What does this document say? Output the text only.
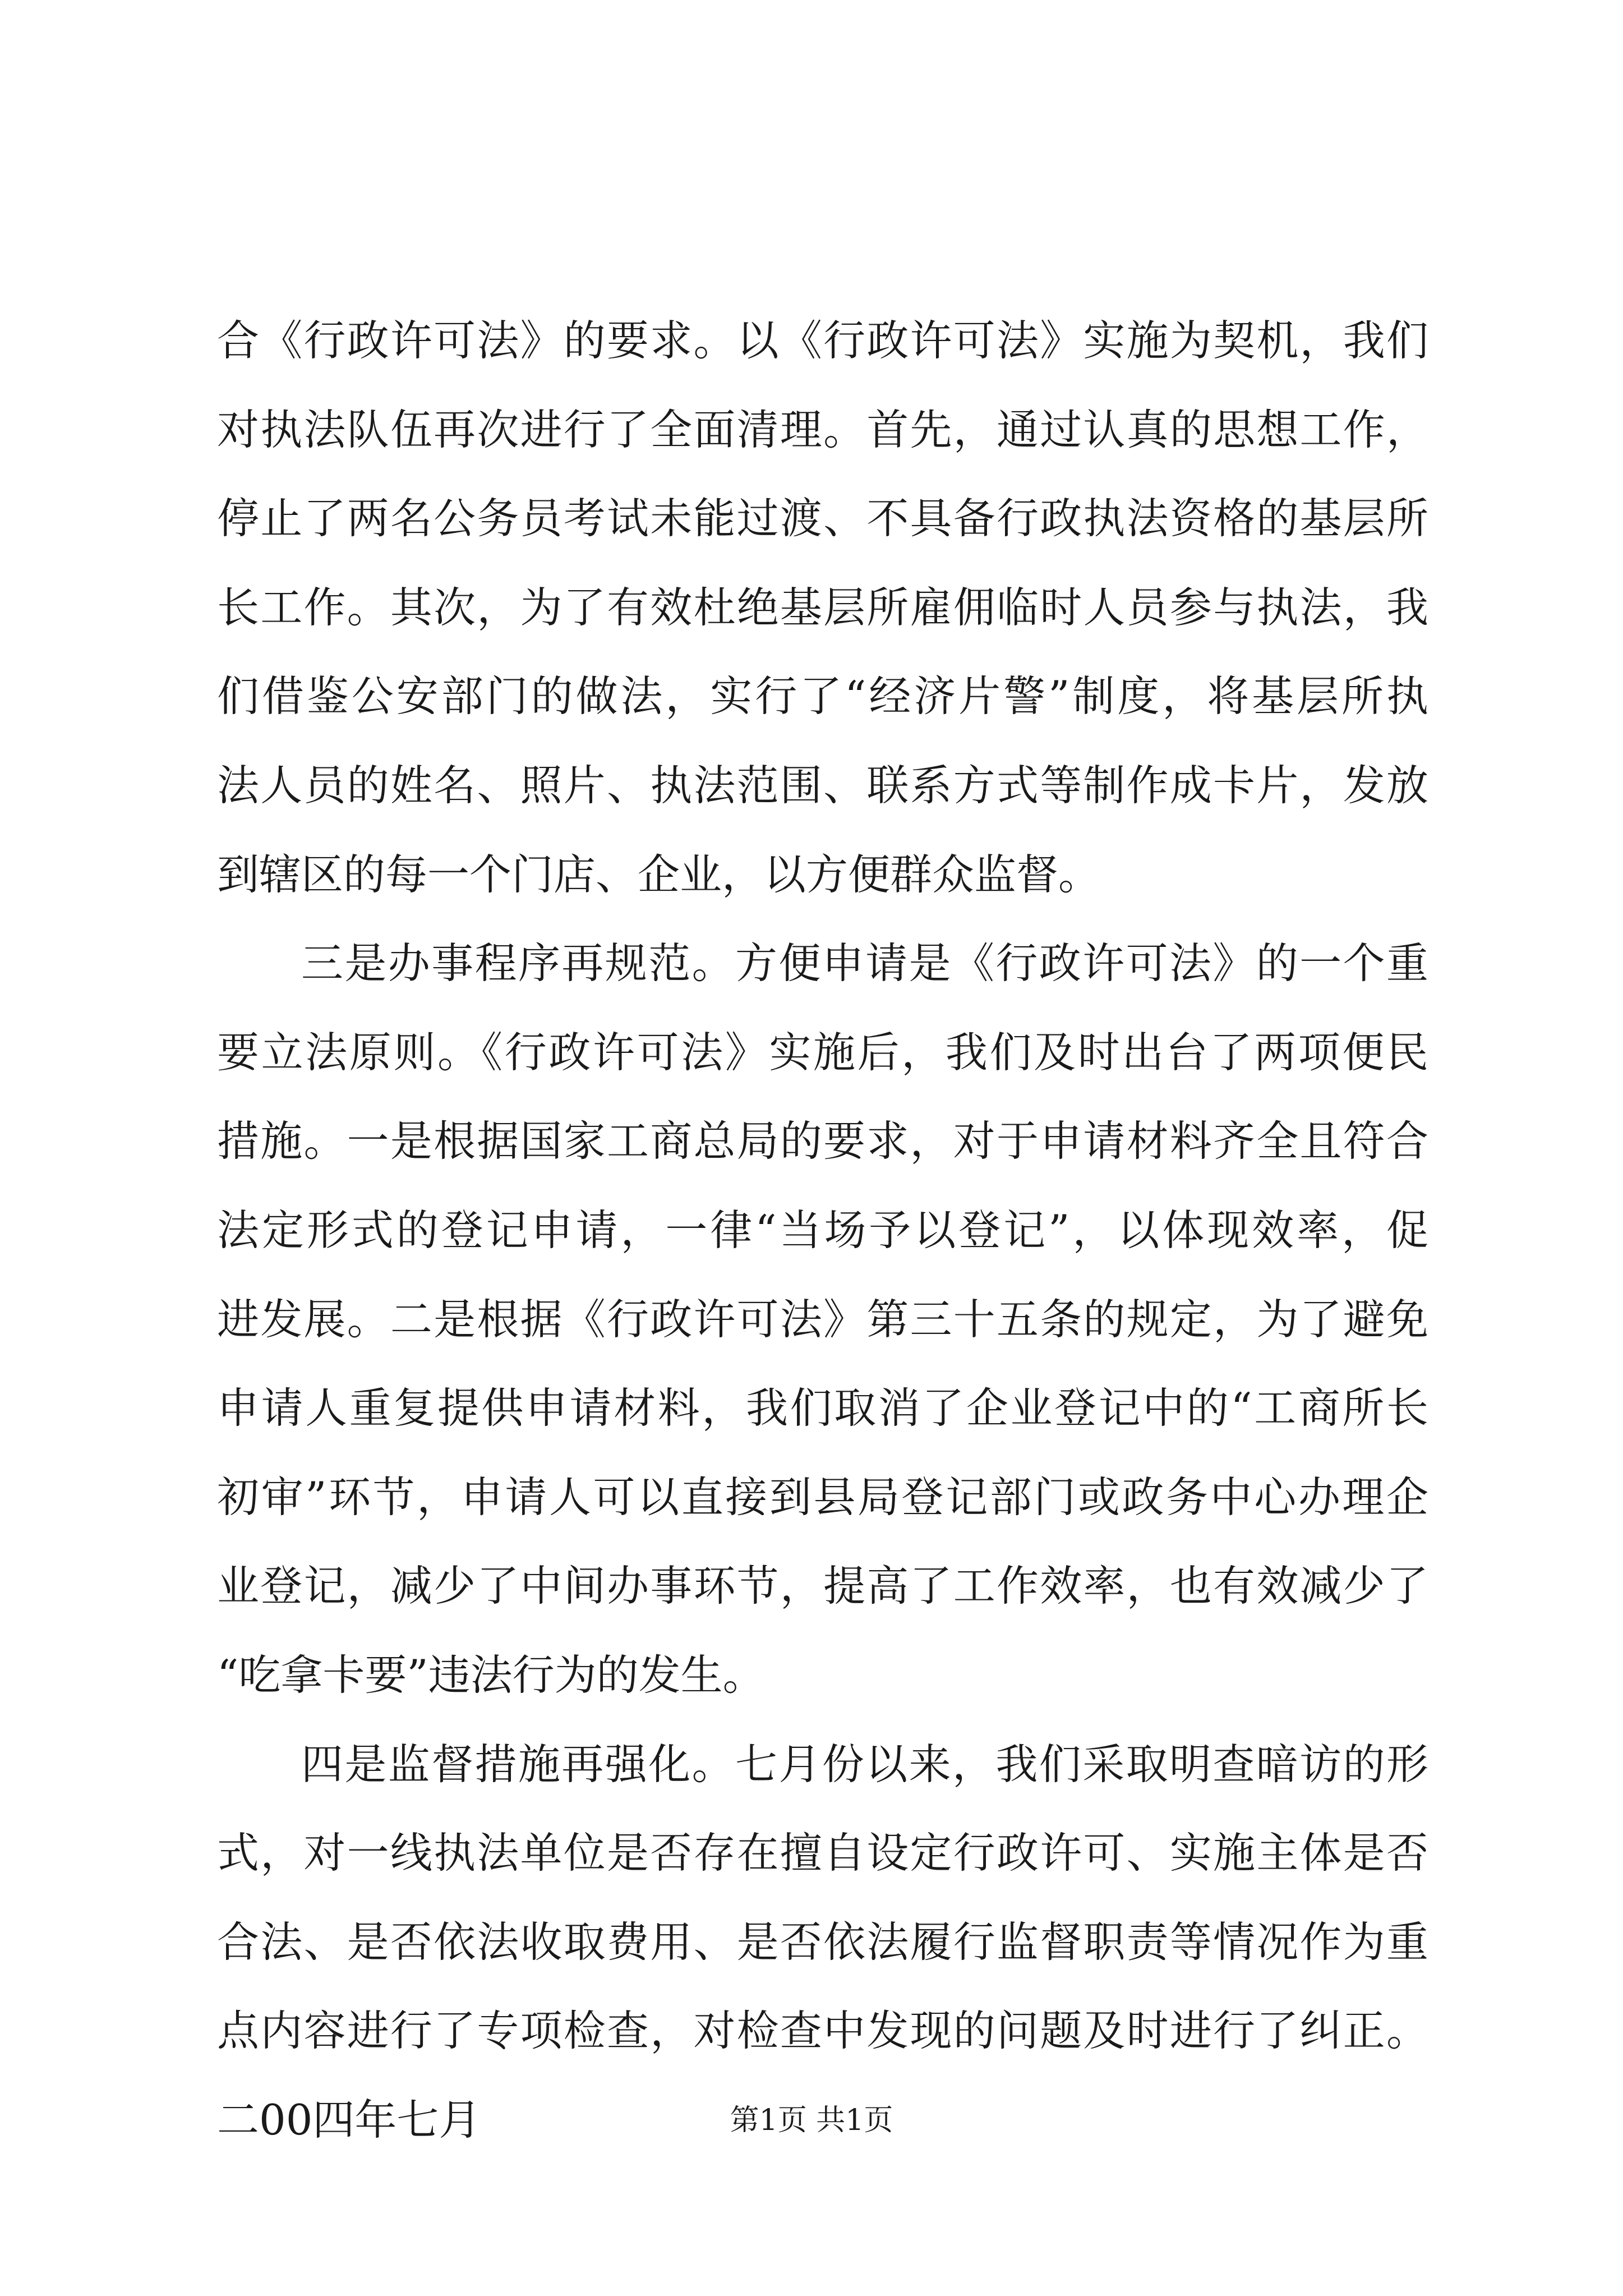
合《行政许可法》的要求。以《行政许可法》实施为契机，我们
对执法队伍再次进行了全面清理。首先，通过认真的思想工作，
停止了两名公务员考试未能过渡、不具备行政执法资格的基层所
长工作。其次，为了有效杜绝基层所雇佣临时人员参与执法，我
们借鉴公安部门的做法，实行了“经济片警”制度，将基层所执
法人员的姓名、照片、执法范围、联系方式等制作成卡片，发放
到辖区的每一个门店、企业，以方便群众监督。
三是办事程序再规范。方便申请是《行政许可法》的一个重
要立法原则。《行政许可法》实施后，我们及时出台了两项便民
措施。一是根据国家工商总局的要求，对于申请材料齐全且符合
法定形式的登记申请，一律“当场予以登记”，以体现效率，促
进发展。二是根据《行政许可法》第三十五条的规定，为了避免
申请人重复提供申请材料，我们取消了企业登记中的“工商所长
初审”环节，申请人可以直接到县局登记部门或政务中心办理企
业登记，减少了中间办事环节，提高了工作效率，也有效减少了
“吃拿卡要”违法行为的发生。
四是监督措施再强化。七月份以来，我们采取明查暗访的形
式，对一线执法单位是否存在擅自设定行政许可、实施主体是否
合法、是否依法收取费用、是否依法履行监督职责等情况作为重
点内容进行了专项检查，对检查中发现的问题及时进行了纠正。
二00四年七月	第1页 共1页
